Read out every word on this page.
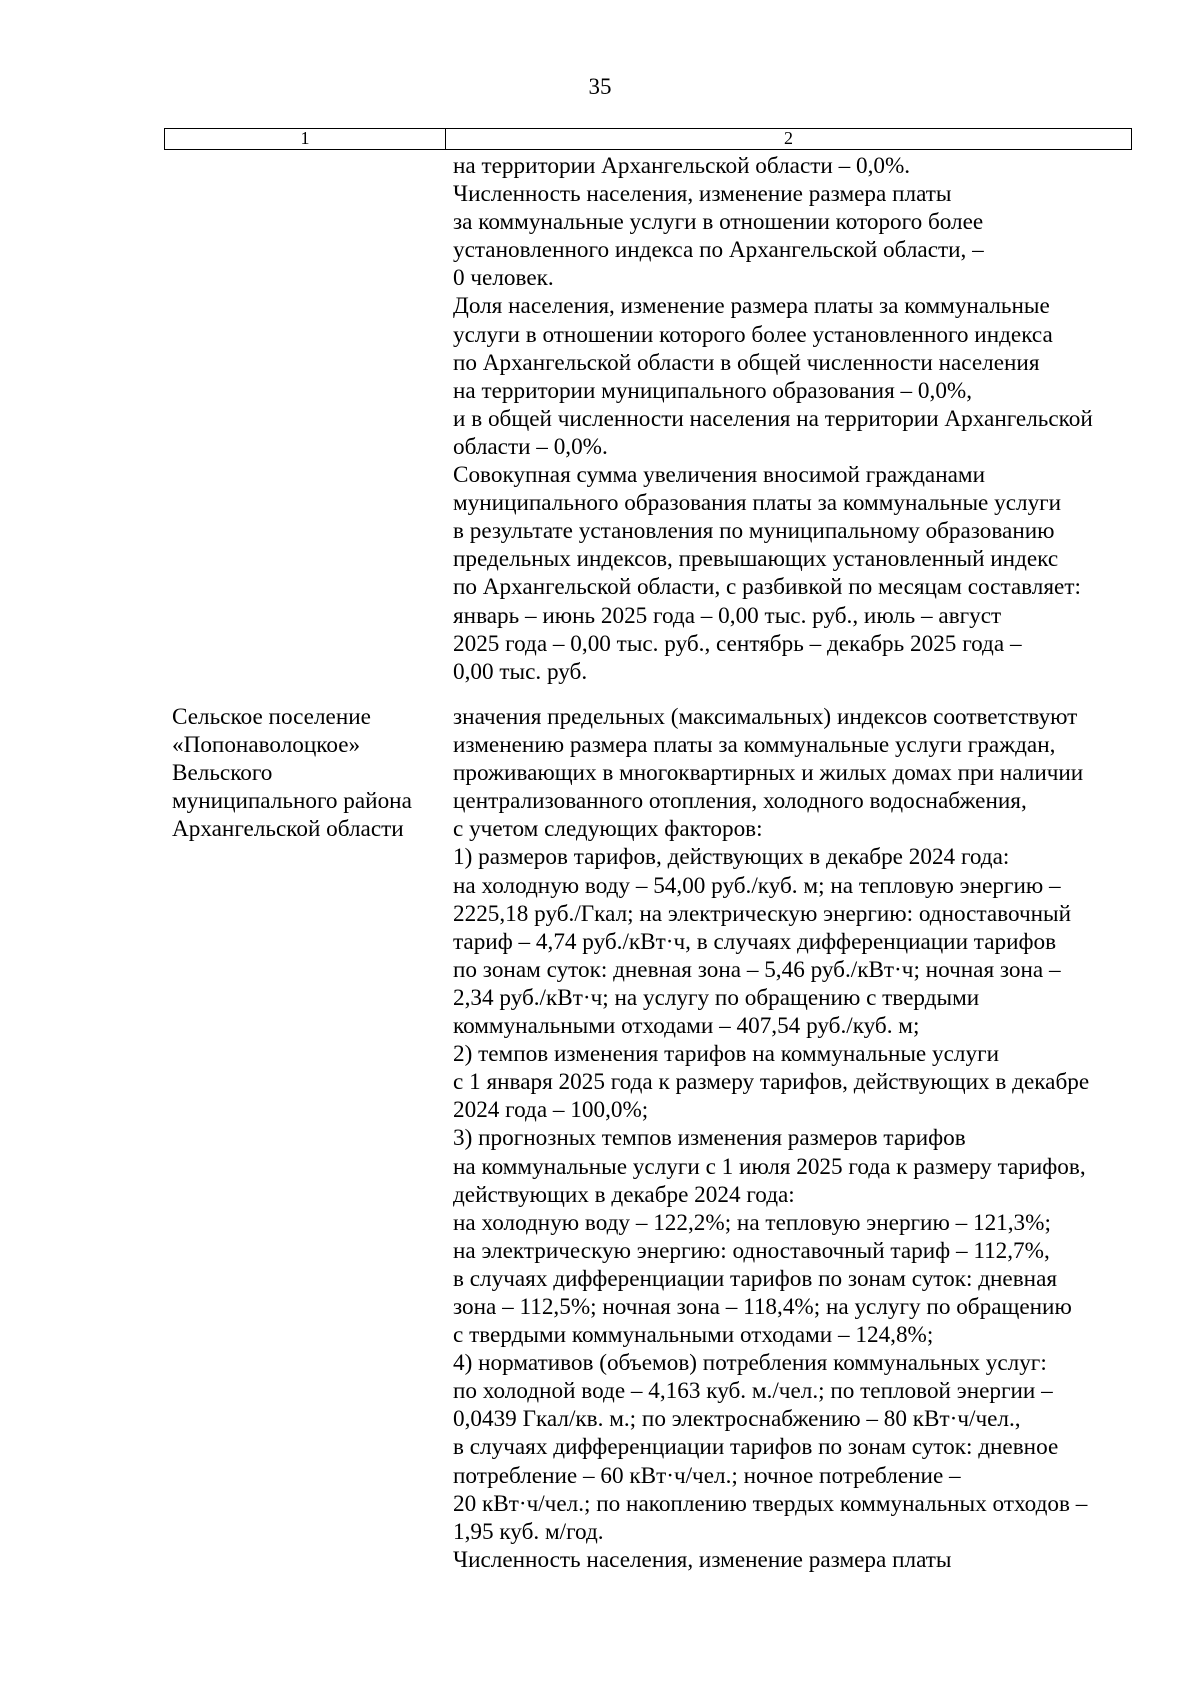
35
1	2
на территории Архангельской области – 0,0%.
Численность населения, изменение размера платы
за коммунальные услуги в отношении которого более
установленного индекса по Архангельской области, –
0 человек.
Доля населения, изменение размера платы за коммунальные
услуги в отношении которого более установленного индекса
по Архангельской области в общей численности населения
на территории муниципального образования – 0,0%,
и в общей численности населения на территории Архангельской
области – 0,0%.
Совокупная сумма увеличения вносимой гражданами
муниципального образования платы за коммунальные услуги
в результате установления по муниципальному образованию
предельных индексов, превышающих установленный индекс
по Архангельской области, с разбивкой по месяцам составляет:
январь – июнь 2025 года – 0,00 тыс. руб., июль – август
2025 года – 0,00 тыс. руб., сентябрь – декабрь 2025 года –
0,00 тыс. руб.
Сельское поселение
«Попонаволоцкое»
Вельского
муниципального района
Архангельской области
значения предельных (максимальных) индексов соответствуют
изменению размера платы за коммунальные услуги граждан,
проживающих в многоквартирных и жилых домах при наличии
централизованного отопления, холодного водоснабжения,
с учетом следующих факторов:
1) размеров тарифов, действующих в декабре 2024 года:
на холодную воду – 54,00 руб./куб. м; на тепловую энергию –
2225,18 руб./Гкал; на электрическую энергию: одноставочный
тариф – 4,74 руб./кВт·ч, в случаях дифференциации тарифов
по зонам суток: дневная зона – 5,46 руб./кВт·ч; ночная зона –
2,34 руб./кВт·ч; на услугу по обращению с твердыми
коммунальными отходами – 407,54 руб./куб. м;
2) темпов изменения тарифов на коммунальные услуги
с 1 января 2025 года к размеру тарифов, действующих в декабре
2024 года – 100,0%;
3) прогнозных темпов изменения размеров тарифов
на коммунальные услуги с 1 июля 2025 года к размеру тарифов,
действующих в декабре 2024 года:
на холодную воду – 122,2%; на тепловую энергию – 121,3%;
на электрическую энергию: одноставочный тариф – 112,7%,
в случаях дифференциации тарифов по зонам суток: дневная
зона – 112,5%; ночная зона – 118,4%; на услугу по обращению
с твердыми коммунальными отходами – 124,8%;
4) нормативов (объемов) потребления коммунальных услуг:
по холодной воде – 4,163 куб. м./чел.; по тепловой энергии –
0,0439 Гкал/кв. м.; по электроснабжению – 80 кВт·ч/чел.,
в случаях дифференциации тарифов по зонам суток: дневное
потребление – 60 кВт·ч/чел.; ночное потребление –
20 кВт·ч/чел.; по накоплению твердых коммунальных отходов –
1,95 куб. м/год.
Численность населения, изменение размера платы
